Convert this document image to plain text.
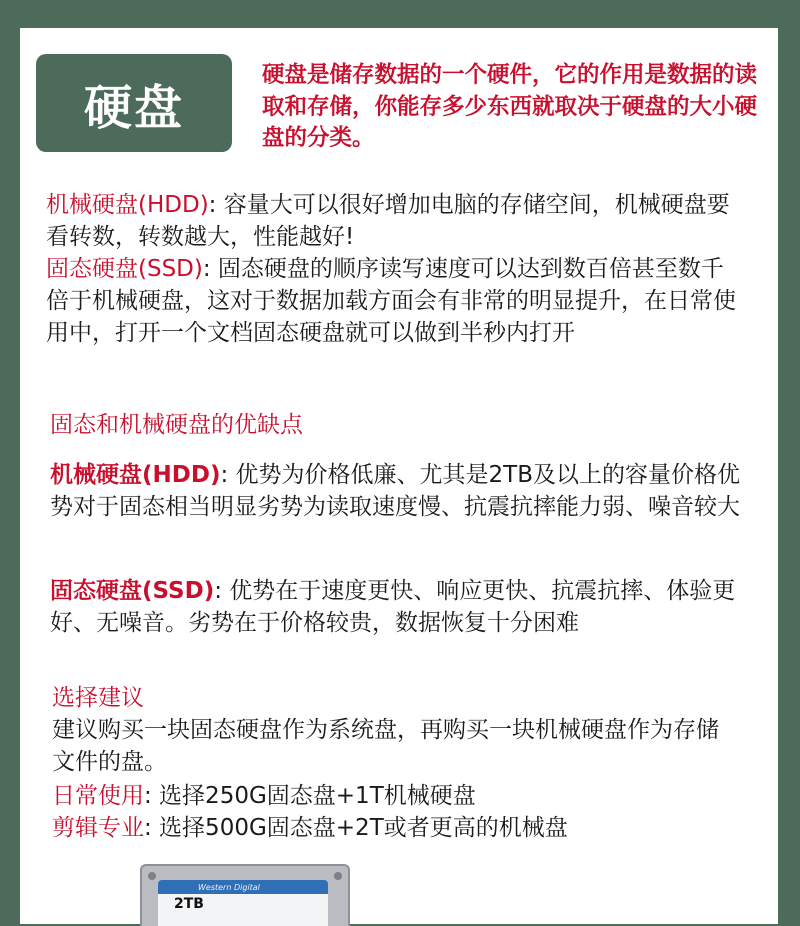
硬盘
硬盘是储存数据的一个硬件，它的作用是数据的读取和存储，你能存多少东西就取决于硬盘的大小硬盘的分类。
机械硬盘(HDD): 容量大可以很好增加电脑的存储空间，机械硬盘要看转数，转数越大，性能越好!
固态硬盘(SSD): 固态硬盘的顺序读写速度可以达到数百倍甚至数千倍于机械硬盘，这对于数据加载方面会有非常的明显提升，在日常使用中，打开一个文档固态硬盘就可以做到半秒内打开
固态和机械硬盘的优缺点
机械硬盘(HDD): 优势为价格低廉、尤其是2TB及以上的容量价格优势对于固态相当明显劣势为读取速度慢、抗震抗摔能力弱、噪音较大
固态硬盘(SSD): 优势在于速度更快、响应更快、抗震抗摔、体验更好、无噪音。劣势在于价格较贵，数据恢复十分困难
选择建议
建议购买一块固态硬盘作为系统盘，再购买一块机械硬盘作为存储文件的盘。
日常使用: 选择250G固态盘+1T机械硬盘
剪辑专业: 选择500G固态盘+2T或者更高的机械盘
Western Digital
2TB
